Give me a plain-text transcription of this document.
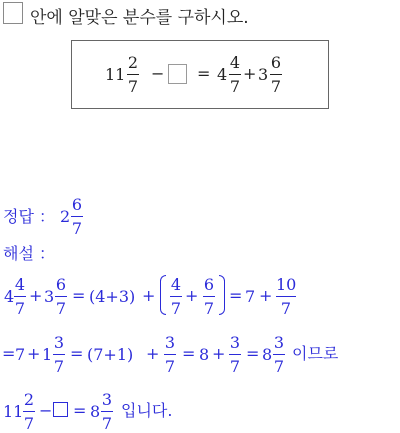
안에 알맞은 분수를 구하시오.
11
2
7
− = 4
4
7
+ 3
6
7
정답 ： 2
6
7
해설 ：
4
4
7
+ 3
6
7
= (4+3) +
4
7
+
6
7
= 7 +
10
7
= 7 + 1
3
7
= (7+1) +
3
7
= 8 +
3
7
= 8
3
7
이므로
11
2
7
− = 8
3
7
입니다.
